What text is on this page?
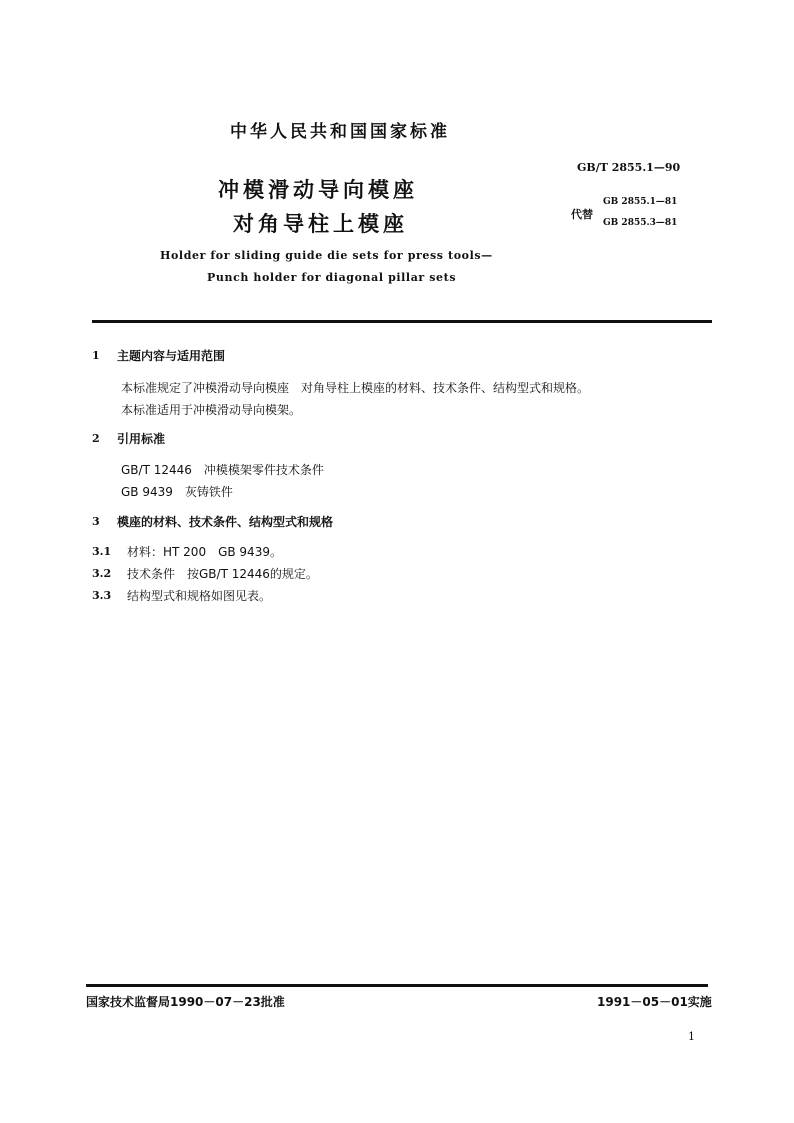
中华人民共和国国家标准
GB/T 2855.1—90
冲模滑动导向模座
对角导柱上模座	代替
GB 2855.1—81
GB 2855.3—81
Holder for sliding guide die sets for press tools—
Punch holder for diagonal pillar sets
1 主题内容与适用范围
本标准规定了冲模滑动导向模座　对角导柱上模座的材料、技术条件、结构型式和规格。
本标准适用于冲模滑动导向模架。
2 引用标准
GB/T 12446　冲模模架零件技术条件
GB 9439　灰铸铁件
3 模座的材料、技术条件、结构型式和规格
3.1 材料：HT 200　GB 9439。
3.2 技术条件　按GB/T 12446的规定。
3.3 结构型式和规格如图见表。
国家技术监督局1990－07－23批准	1991－05－01实施
1
